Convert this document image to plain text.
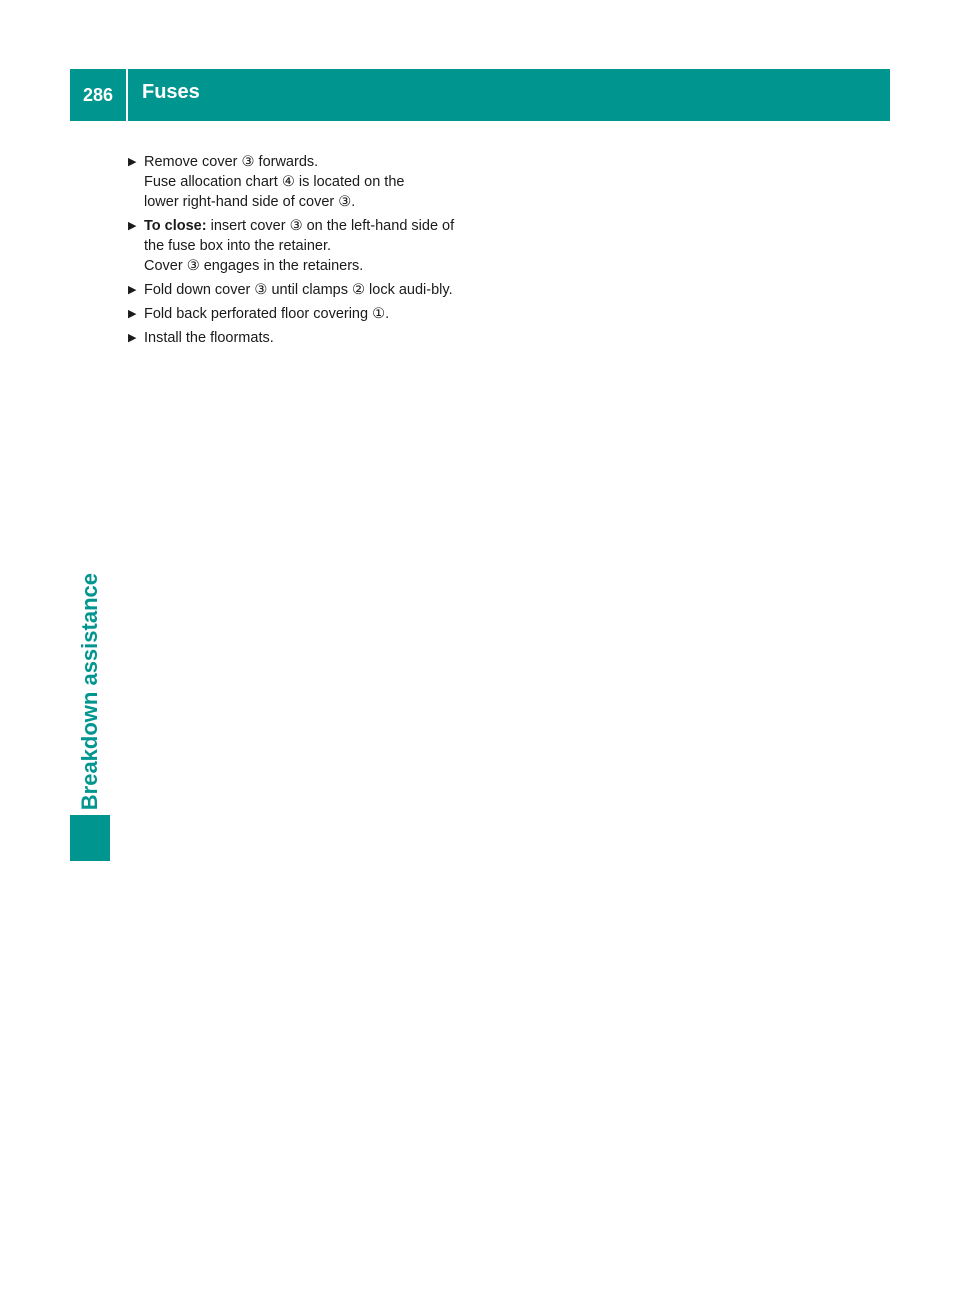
286	Fuses
Breakdown assistance
▶ Remove cover ③ forwards.
Fuse allocation chart ④ is located on the
lower right-hand side of cover ③.
▶ To close: insert cover ③ on the left-hand side of the fuse box into the retainer.
Cover ③ engages in the retainers.
▶ Fold down cover ③ until clamps ② lock audi-bly.
▶ Fold back perforated floor covering ①.
▶ Install the floormats.
